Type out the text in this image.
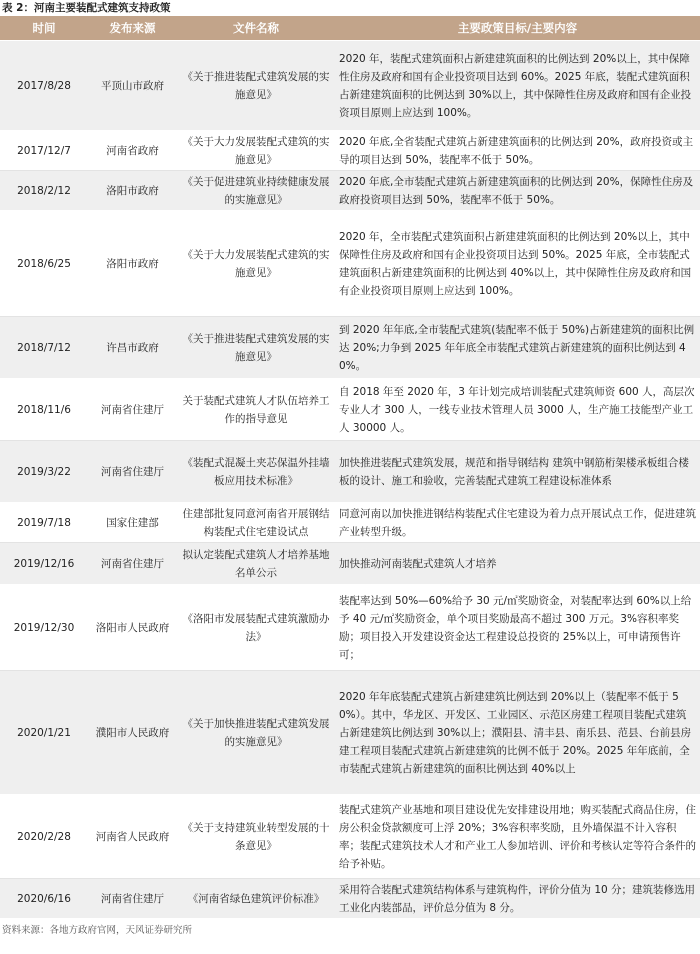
表 2：河南主要装配式建筑支持政策
时间	发布来源	文件名称	主要政策目标/主要内容
2017/8/28	平顶山市政府	《关于推进装配式建筑发展的实施意见》	2020 年，装配式建筑面积占新建建筑面积的比例达到 20%以上，其中保障性住房及政府和国有企业投资项目达到 60%。2025 年底，装配式建筑面积占新建建筑面积的比例达到 30%以上，其中保障性住房及政府和国有企业投资项目原则上应达到 100%。
2017/12/7	河南省政府	《关于大力发展装配式建筑的实施意见》	2020 年底,全省装配式建筑占新建建筑面积的比例达到 20%，政府投资或主导的项目达到 50%，装配率不低于 50%。
2018/2/12	洛阳市政府	《关于促进建筑业持续健康发展的实施意见》	2020 年底,全市装配式建筑占新建建筑面积的比例达到 20%，保障性住房及政府投资项目达到 50%，装配率不低于 50%。
2018/6/25	洛阳市政府	《关于大力发展装配式建筑的实施意见》	2020 年，全市装配式建筑面积占新建建筑面积的比例达到 20%以上，其中保障性住房及政府和国有企业投资项目达到 50%。2025 年底，全市装配式建筑面积占新建建筑面积的比例达到 40%以上，其中保障性住房及政府和国有企业投资项目原则上应达到 100%。
2018/7/12	许昌市政府	《关于推进装配式建筑发展的实施意见》	到 2020 年年底,全市装配式建筑(装配率不低于 50%)占新建建筑的面积比例达 20%;力争到 2025 年年底全市装配式建筑占新建建筑的面积比例达到 40%。
2018/11/6	河南省住建厅	关于装配式建筑人才队伍培养工作的指导意见	自 2018 年至 2020 年，3 年计划完成培训装配式建筑师资 600 人，高层次专业人才 300 人，一线专业技术管理人员 3000 人，生产施工技能型产业工人 30000 人。
2019/3/22	河南省住建厅	《装配式混凝土夹芯保温外挂墙板应用技术标准》	加快推进装配式建筑发展，规范和指导钢结构 建筑中钢筋桁架楼承板组合楼板的设计、施工和验收，完善装配式建筑工程建设标准体系
2019/7/18	国家住建部	住建部批复同意河南省开展钢结构装配式住宅建设试点	同意河南以加快推进钢结构装配式住宅建设为着力点开展试点工作，促进建筑产业转型升级。
2019/12/16	河南省住建厅	拟认定装配式建筑人才培养基地名单公示	加快推动河南装配式建筑人才培养
2019/12/30	洛阳市人民政府	《洛阳市发展装配式建筑激励办法》	装配率达到 50%—60%给予 30 元/㎡奖励资金，对装配率达到 60%以上给予 40 元/㎡奖励资金，单个项目奖励最高不超过 300 万元。3%容积率奖励；项目投入开发建设资金达工程建设总投资的 25%以上，可申请预售许可；
2020/1/21	濮阳市人民政府	《关于加快推进装配式建筑发展的实施意见》	2020 年年底装配式建筑占新建建筑比例达到 20%以上（装配率不低于 50%）。其中，华龙区、开发区、工业园区、示范区房建工程项目装配式建筑占新建建筑比例达到 30%以上；濮阳县、清丰县、南乐县、范县、台前县房建工程项目装配式建筑占新建建筑的比例不低于 20%。2025 年年底前，全市装配式建筑占新建建筑的面积比例达到 40%以上
2020/2/28	河南省人民政府	《关于支持建筑业转型发展的十条意见》	装配式建筑产业基地和项目建设优先安排建设用地；购买装配式商品住房，住房公积金贷款额度可上浮 20%；3%容积率奖励，且外墙保温不计入容积率；装配式建筑技术人才和产业工人参加培训、评价和考核认定等符合条件的给予补贴。
2020/6/16	河南省住建厅	《河南省绿色建筑评价标准》	采用符合装配式建筑结构体系与建筑构件，评价分值为 10 分；建筑装修选用工业化内装部品，评价总分值为 8 分。
资料来源：各地方政府官网，天风证券研究所
